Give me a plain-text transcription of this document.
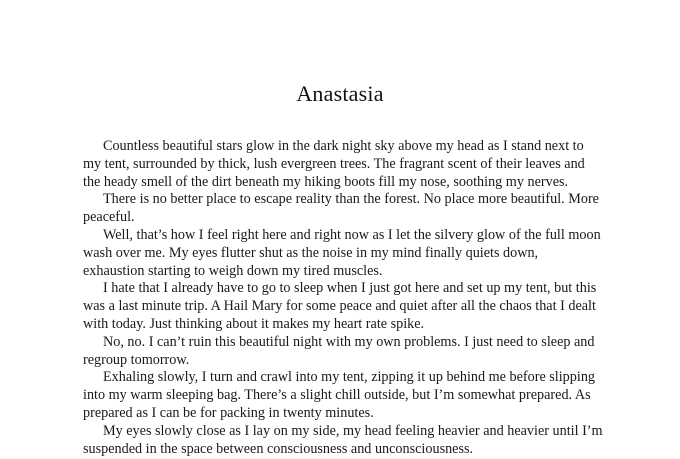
Anastasia

Countless beautiful stars glow in the dark night sky above my head as I stand next to my tent, surrounded by thick, lush evergreen trees. The fragrant scent of their leaves and the heady smell of the dirt beneath my hiking boots fill my nose, soothing my nerves.

There is no better place to escape reality than the forest. No place more beautiful. More peaceful.

Well, that’s how I feel right here and right now as I let the silvery glow of the full moon wash over me. My eyes flutter shut as the noise in my mind finally quiets down, exhaustion starting to weigh down my tired muscles.

I hate that I already have to go to sleep when I just got here and set up my tent, but this was a last minute trip. A Hail Mary for some peace and quiet after all the chaos that I dealt with today. Just thinking about it makes my heart rate spike.

No, no. I can’t ruin this beautiful night with my own problems. I just need to sleep and regroup tomorrow.

Exhaling slowly, I turn and crawl into my tent, zipping it up behind me before slipping into my warm sleeping bag. There’s a slight chill outside, but I’m somewhat prepared. As prepared as I can be for packing in twenty minutes.

My eyes slowly close as I lay on my side, my head feeling heavier and heavier until I’m suspended in the space between consciousness and unconsciousness.
